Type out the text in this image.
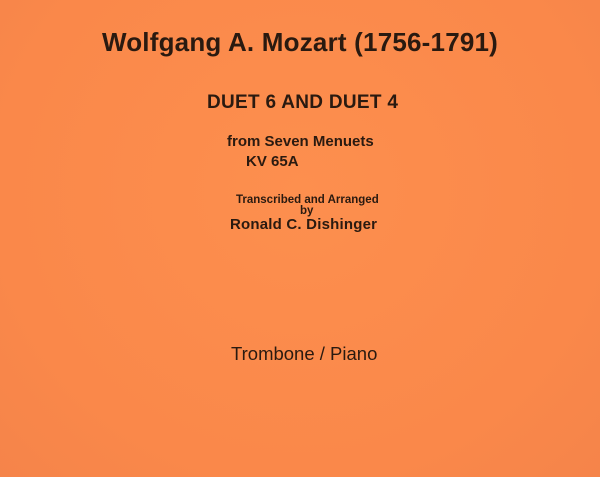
Wolfgang A. Mozart (1756-1791)

DUET 6 AND DUET 4

from Seven Menuets

KV 65A

Transcribed and Arranged

by

Ronald C. Dishinger

Trombone / Piano
